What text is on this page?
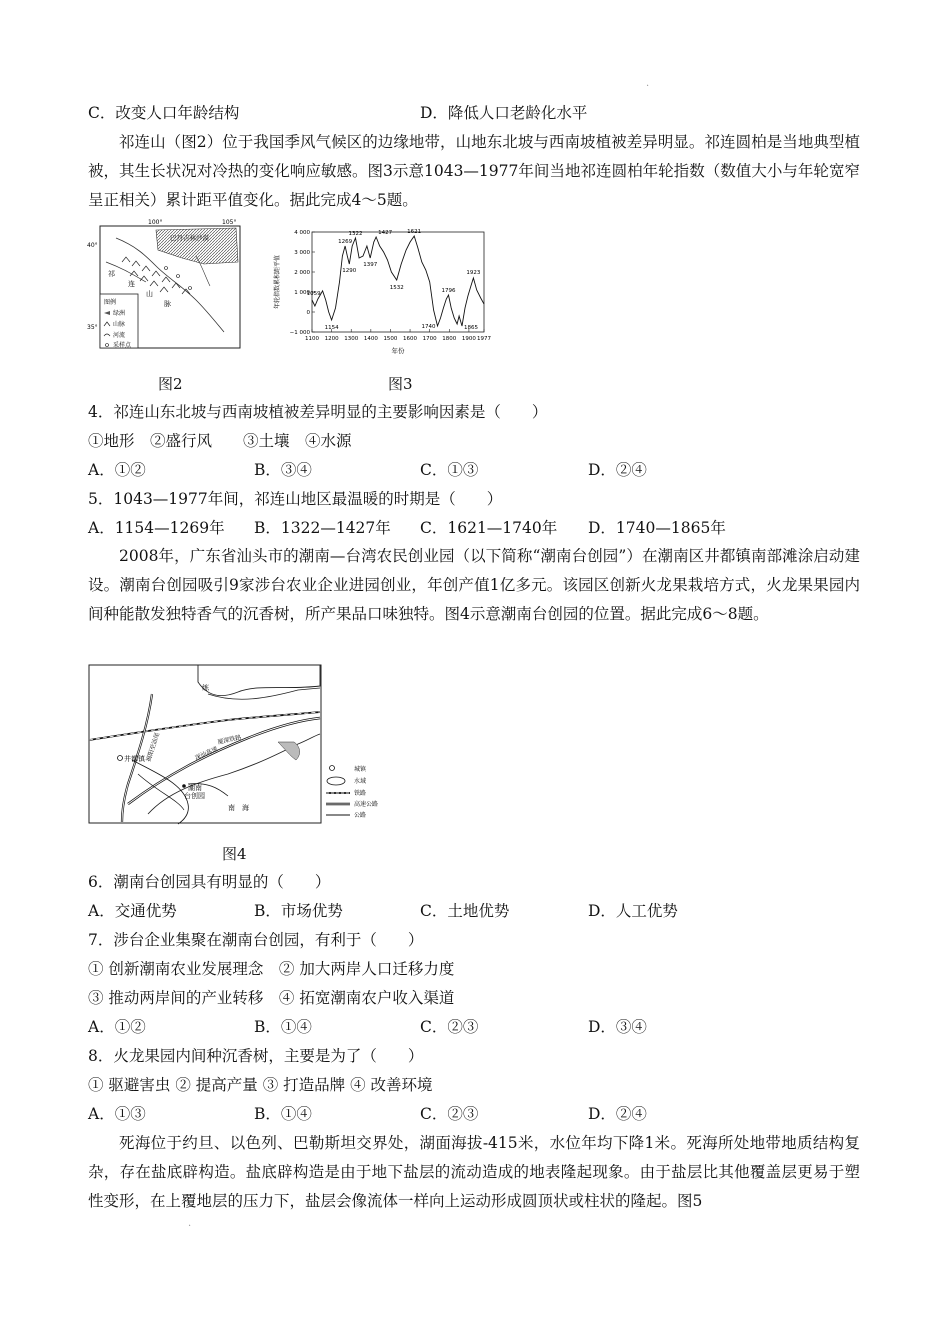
.
C．改变人口年龄结构	D．降低人口老龄化水平
祁连山（图2）位于我国季风气候区的边缘地带，山地东北坡与西南坡植被差异明显。祁连圆柏是当地典型植被，其生长状况对冷热的变化响应敏感。图3示意1043—1977年间当地祁连圆柏年轮指数（数值大小与年轮宽窄呈正相关）累计距平值变化。据此完成4～5题。
100°	105°
40°
35°
巴丹吉林沙漠
祁
连
山
脉
图例
绿洲
山脉
河流
采样点
图2
年轮指数累积距平值
4 000
3 000
2 000
1 000
0
−1 000
1100 1200 1300 1400 1500 1600 1700 1800 1900 1977
1059
1154
1269
1290
1322
1397
1427
1532
1621
1740
1796
1865
1923
年份
图3
4．祁连山东北坡与西南坡植被差异明显的主要影响因素是（　　）
①地形　②盛行风　　③土壤　④水源
A．①②	B．③④	C．①③	D．②④
5．1043—1977年间，祁连山地区最温暖的时期是（　　）
A．1154—1269年 B．1322—1427年 C．1621—1740年 D．1740—1865年
2008年，广东省汕头市的潮南—台湾农民创业园（以下简称“潮南台创园”）在潮南区井都镇南部滩涂启动建设。潮南台创园吸引9家涉台农业企业进园创业，年创产值1亿多元。该园区创新火龙果栽培方式，火龙果果园内间种能散发独特香气的沉香树，所产果品口味独特。图4示意潮南台创园的位置。据此完成6～8题。
练
揭阳至汕尾	深汕高速
厦深铁路
井都镇
潮南
台创园
南　海
城镇
水域
铁路
高速公路
公路
图4
6．潮南台创园具有明显的（　　）
A．交通优势	B．市场优势	C．土地优势	D．人工优势
7．涉台企业集聚在潮南台创园，有利于（　　）
① 创新潮南农业发展理念　② 加大两岸人口迁移力度
③ 推动两岸间的产业转移　④ 拓宽潮南农户收入渠道
A．①②	B．①④	C．②③	D．③④
8．火龙果园内间种沉香树，主要是为了（　　）
① 驱避害虫 ② 提高产量 ③ 打造品牌 ④ 改善环境
A．①③	B．①④	C．②③	D．②④
死海位于约旦、以色列、巴勒斯坦交界处，湖面海拔-415米，水位年均下降1米。死海所处地带地质结构复杂，存在盐底辟构造。盐底辟构造是由于地下盐层的流动造成的地表隆起现象。由于盐层比其他覆盖层更易于塑性变形，在上覆地层的压力下，盐层会像流体一样向上运动形成圆顶状或柱状的隆起。图5
.
